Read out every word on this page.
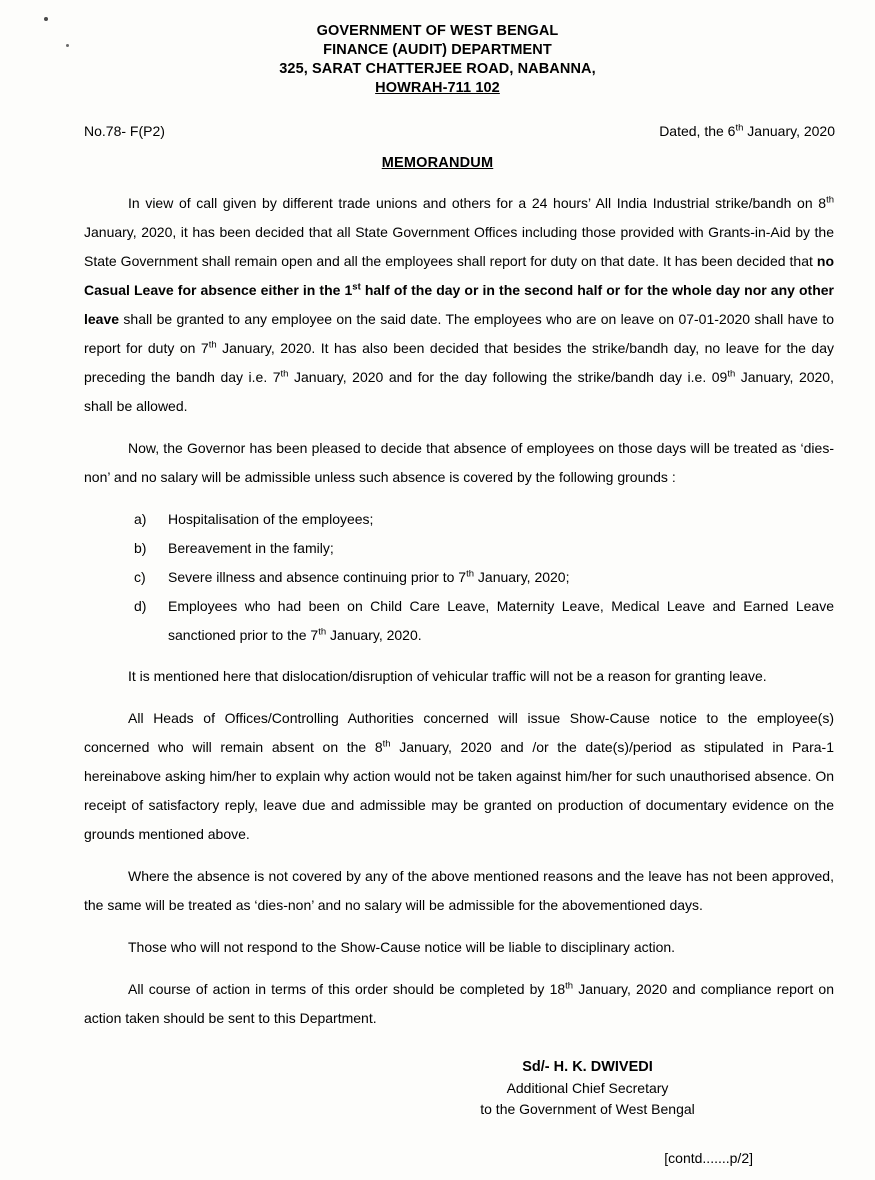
GOVERNMENT OF WEST BENGAL
FINANCE (AUDIT) DEPARTMENT
325, SARAT CHATTERJEE ROAD, NABANNA,
HOWRAH-711 102
No.78- F(P2)	Dated, the 6th January, 2020
MEMORANDUM

In view of call given by different trade unions and others for a 24 hours’ All India Industrial strike/bandh on 8th January, 2020, it has been decided that all State Government Offices including those provided with Grants-in-Aid by the State Government shall remain open and all the employees shall report for duty on that date. It has been decided that no Casual Leave for absence either in the 1st half of the day or in the second half or for the whole day nor any other leave shall be granted to any employee on the said date. The employees who are on leave on 07-01-2020 shall have to report for duty on 7th January, 2020. It has also been decided that besides the strike/bandh day, no leave for the day preceding the bandh day i.e. 7th January, 2020 and for the day following the strike/bandh day i.e. 09th January, 2020, shall be allowed.

Now, the Governor has been pleased to decide that absence of employees on those days will be treated as ‘dies-non’ and no salary will be admissible unless such absence is covered by the following grounds :

a)	Hospitalisation of the employees;
b)	Bereavement in the family;
c)	Severe illness and absence continuing prior to 7th January, 2020;
d)	Employees who had been on Child Care Leave, Maternity Leave, Medical Leave and Earned Leave sanctioned prior to the 7th January, 2020.

It is mentioned here that dislocation/disruption of vehicular traffic will not be a reason for granting leave.

All Heads of Offices/Controlling Authorities concerned will issue Show-Cause notice to the employee(s) concerned who will remain absent on the 8th January, 2020 and /or the date(s)/period as stipulated in Para-1 hereinabove asking him/her to explain why action would not be taken against him/her for such unauthorised absence. On receipt of satisfactory reply, leave due and admissible may be granted on production of documentary evidence on the grounds mentioned above.

Where the absence is not covered by any of the above mentioned reasons and the leave has not been approved, the same will be treated as ‘dies-non’ and no salary will be admissible for the abovementioned days.

Those who will not respond to the Show-Cause notice will be liable to disciplinary action.

All course of action in terms of this order should be completed by 18th January, 2020 and compliance report on action taken should be sent to this Department.

Sd/- H. K. DWIVEDI
Additional Chief Secretary
to the Government of West Bengal
[contd.......p/2]
